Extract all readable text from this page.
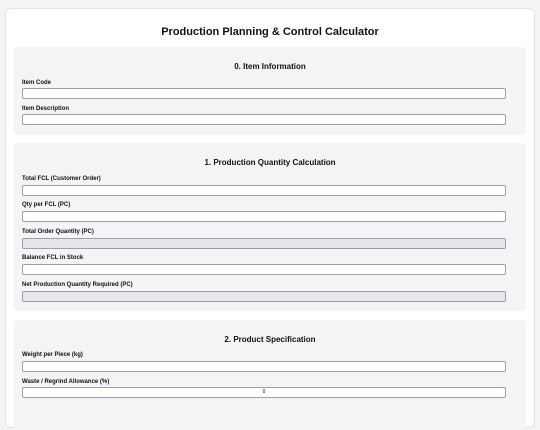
Production Planning & Control Calculator
0. Item Information
Item Code
Item Description
1. Production Quantity Calculation
Total FCL (Customer Order)
Qty per FCL (PC)
Total Order Quantity (PC)
Balance FCL in Stock
Net Production Quantity Required (PC)
2. Product Specification
Weight per Piece (kg)
Waste / Regrind Allowance (%)
0
